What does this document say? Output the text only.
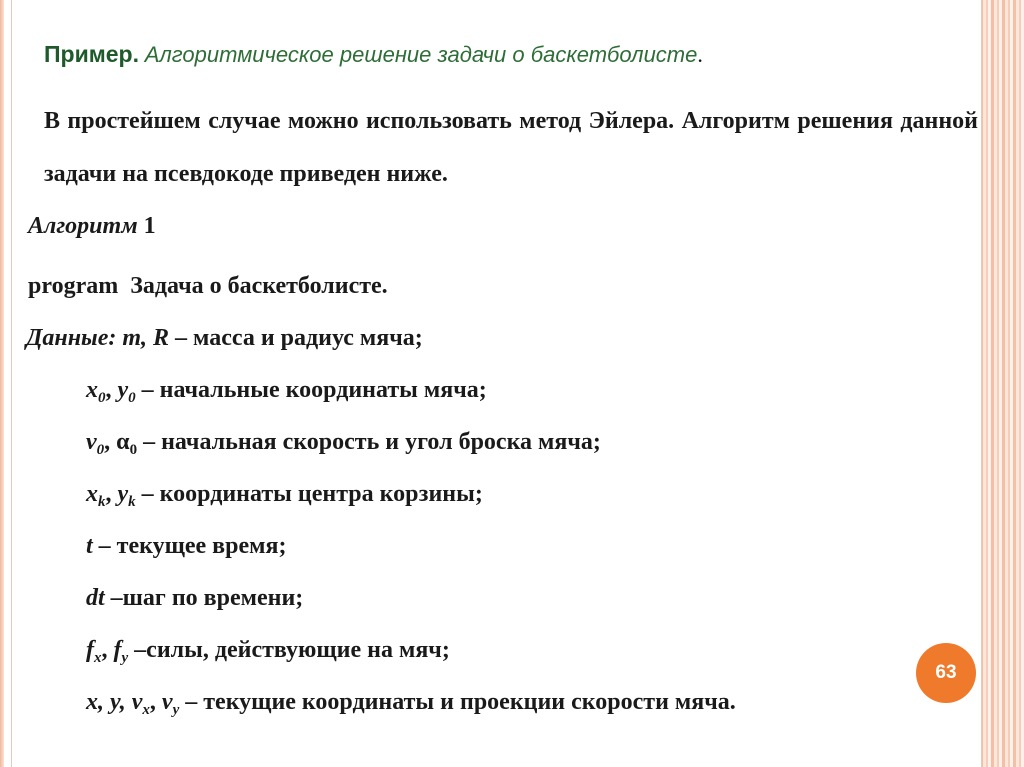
Пример. Алгоритмическое решение задачи о баскетболисте.
В простейшем случае можно использовать метод Эйлера. Алгоритм решения данной задачи на псевдокоде приведен ниже.
Алгоритм 1
program Задача о баскетболисте.
Данные: m, R – масса и радиус мяча;
$x_0$, $y_0$ – начальные координаты мяча;
$v_0$, $\alpha_0$ – начальная скорость и угол броска мяча;
$x_k$, $y_k$ – координаты центра корзины;
t – текущее время;
dt –шаг по времени;
$f_x$, $f_y$ –силы, действующие на мяч;
x, y, $v_x$, $v_y$ – текущие координаты и проекции скорости мяча.
63
